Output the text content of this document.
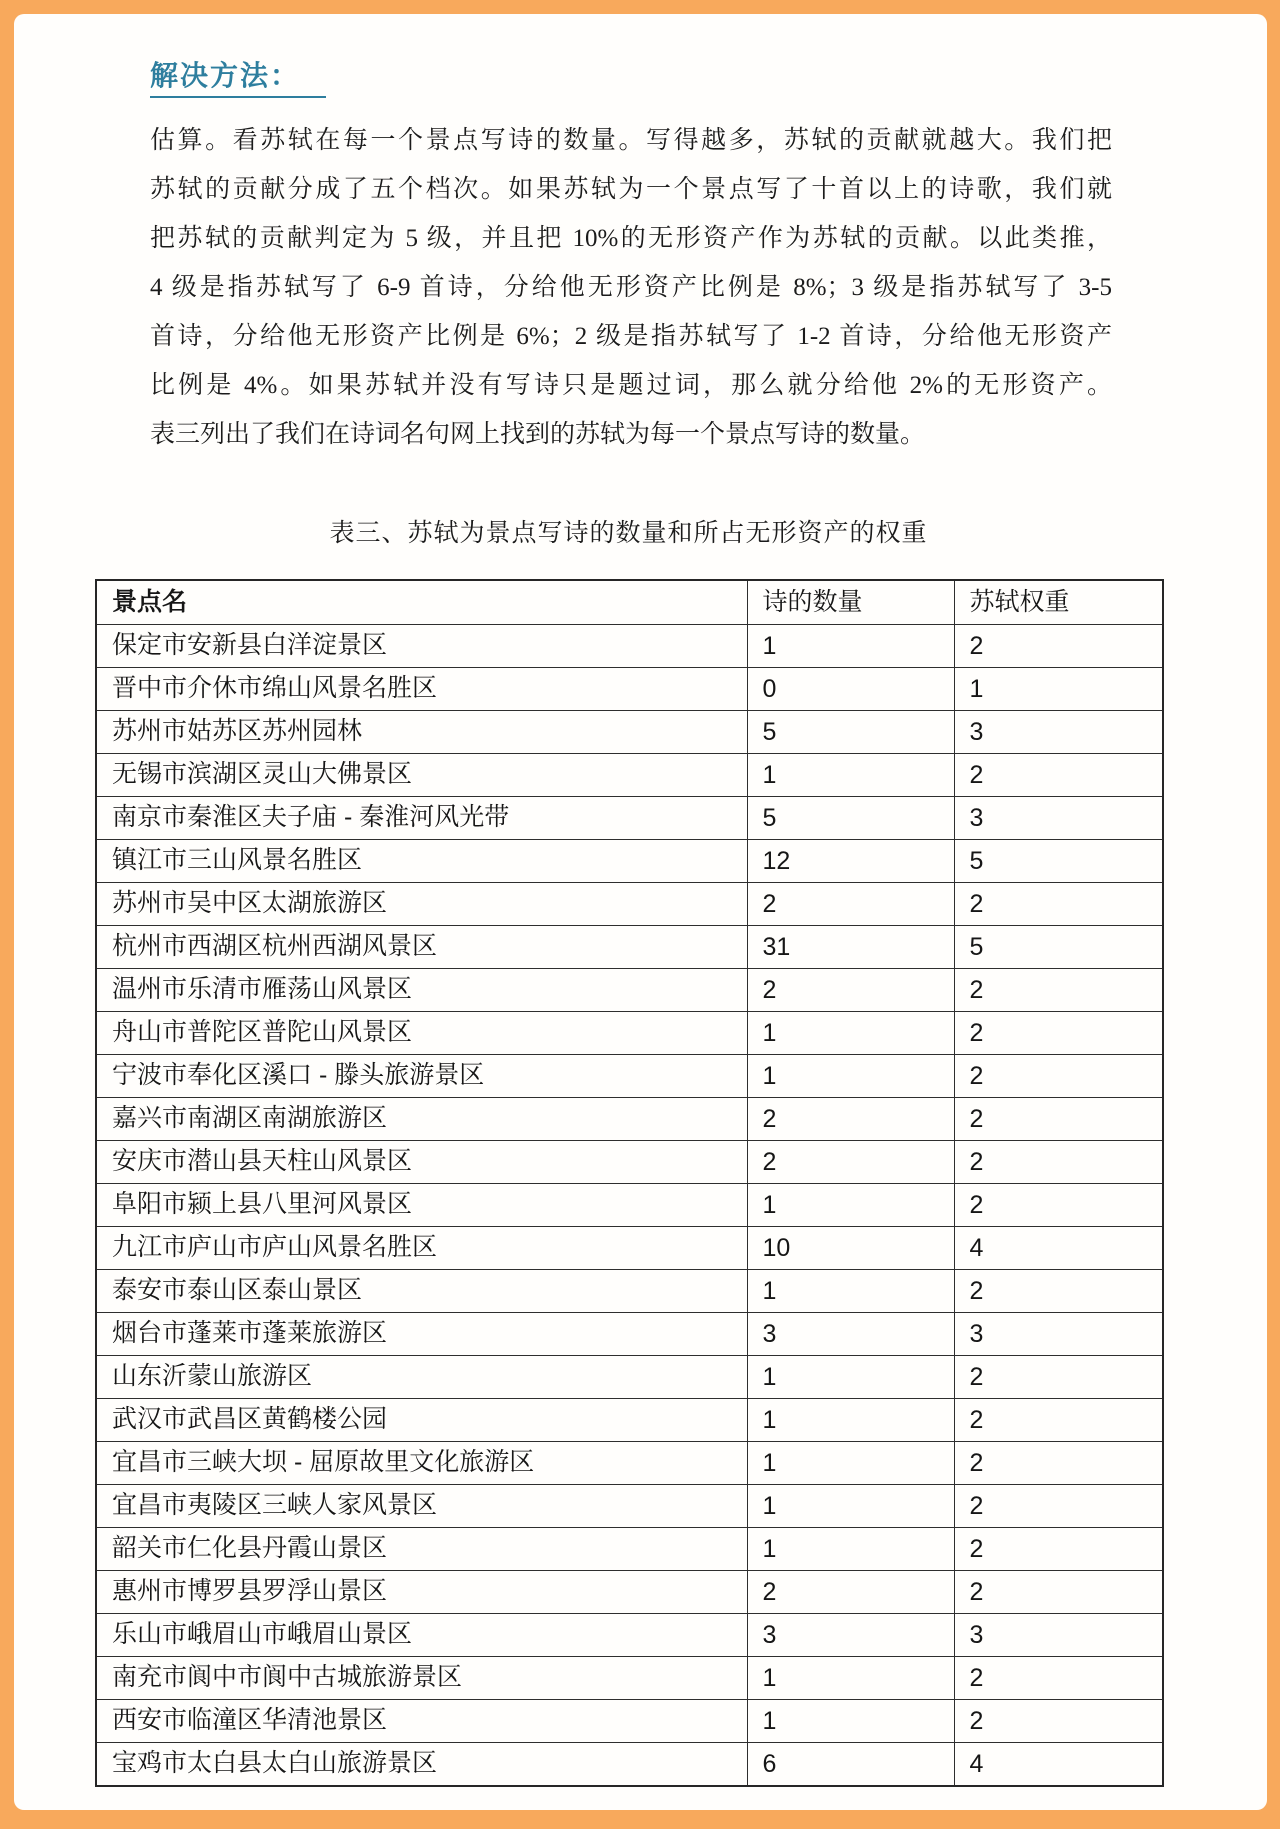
解决方法：
估算。看苏轼在每一个景点写诗的数量。写得越多，苏轼的贡献就越大。我们把
苏轼的贡献分成了五个档次。如果苏轼为一个景点写了十首以上的诗歌，我们就
把苏轼的贡献判定为 5 级，并且把 10%的无形资产作为苏轼的贡献。以此类推，
4 级是指苏轼写了 6-9 首诗，分给他无形资产比例是 8%；3 级是指苏轼写了 3-5
首诗，分给他无形资产比例是 6%；2 级是指苏轼写了 1-2 首诗，分给他无形资产
比例是 4%。如果苏轼并没有写诗只是题过词，那么就分给他 2%的无形资产。
表三列出了我们在诗词名句网上找到的苏轼为每一个景点写诗的数量。
表三、苏轼为景点写诗的数量和所占无形资产的权重
景点名	诗的数量	苏轼权重
保定市安新县白洋淀景区	1	2
晋中市介休市绵山风景名胜区	0	1
苏州市姑苏区苏州园林	5	3
无锡市滨湖区灵山大佛景区	1	2
南京市秦淮区夫子庙 - 秦淮河风光带	5	3
镇江市三山风景名胜区	12	5
苏州市吴中区太湖旅游区	2	2
杭州市西湖区杭州西湖风景区	31	5
温州市乐清市雁荡山风景区	2	2
舟山市普陀区普陀山风景区	1	2
宁波市奉化区溪口 - 滕头旅游景区	1	2
嘉兴市南湖区南湖旅游区	2	2
安庆市潜山县天柱山风景区	2	2
阜阳市颍上县八里河风景区	1	2
九江市庐山市庐山风景名胜区	10	4
泰安市泰山区泰山景区	1	2
烟台市蓬莱市蓬莱旅游区	3	3
山东沂蒙山旅游区	1	2
武汉市武昌区黄鹤楼公园	1	2
宜昌市三峡大坝 - 屈原故里文化旅游区	1	2
宜昌市夷陵区三峡人家风景区	1	2
韶关市仁化县丹霞山景区	1	2
惠州市博罗县罗浮山景区	2	2
乐山市峨眉山市峨眉山景区	3	3
南充市阆中市阆中古城旅游景区	1	2
西安市临潼区华清池景区	1	2
宝鸡市太白县太白山旅游景区	6	4
